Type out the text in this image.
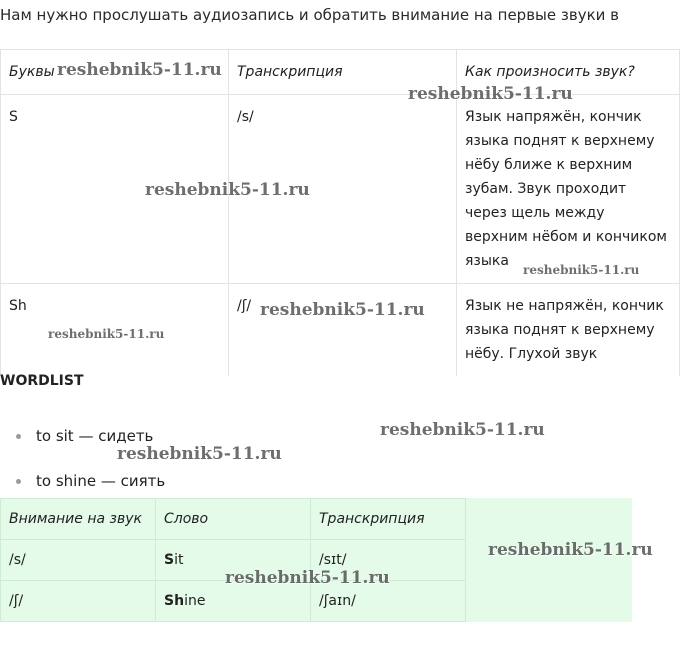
Нам нужно прослушать аудиозапись и обратить внимание на первые звуки в
Буквы	Транскрипция	Как произносить звук?
S	/s/	Язык напряжён, кончик языка поднят к верхнему нёбу ближе к верхним зубам. Звук проходит через щель между верхним нёбом и кончиком языка
Sh	/ʃ/	Язык не напряжён, кончик языка поднят к верхнему нёбу. Глухой звук
WORDLIST
to sit — сидеть
to shine — сиять
Внимание на звук	Слово	Транскрипция	
/s/	Sit	/sɪt/	
/ʃ/	Shine	/ʃaɪn/	
reshebnik5-11.ru
reshebnik5-11.ru
reshebnik5-11.ru
reshebnik5-11.ru
reshebnik5-11.ru
reshebnik5-11.ru
reshebnik5-11.ru
reshebnik5-11.ru
reshebnik5-11.ru
reshebnik5-11.ru
